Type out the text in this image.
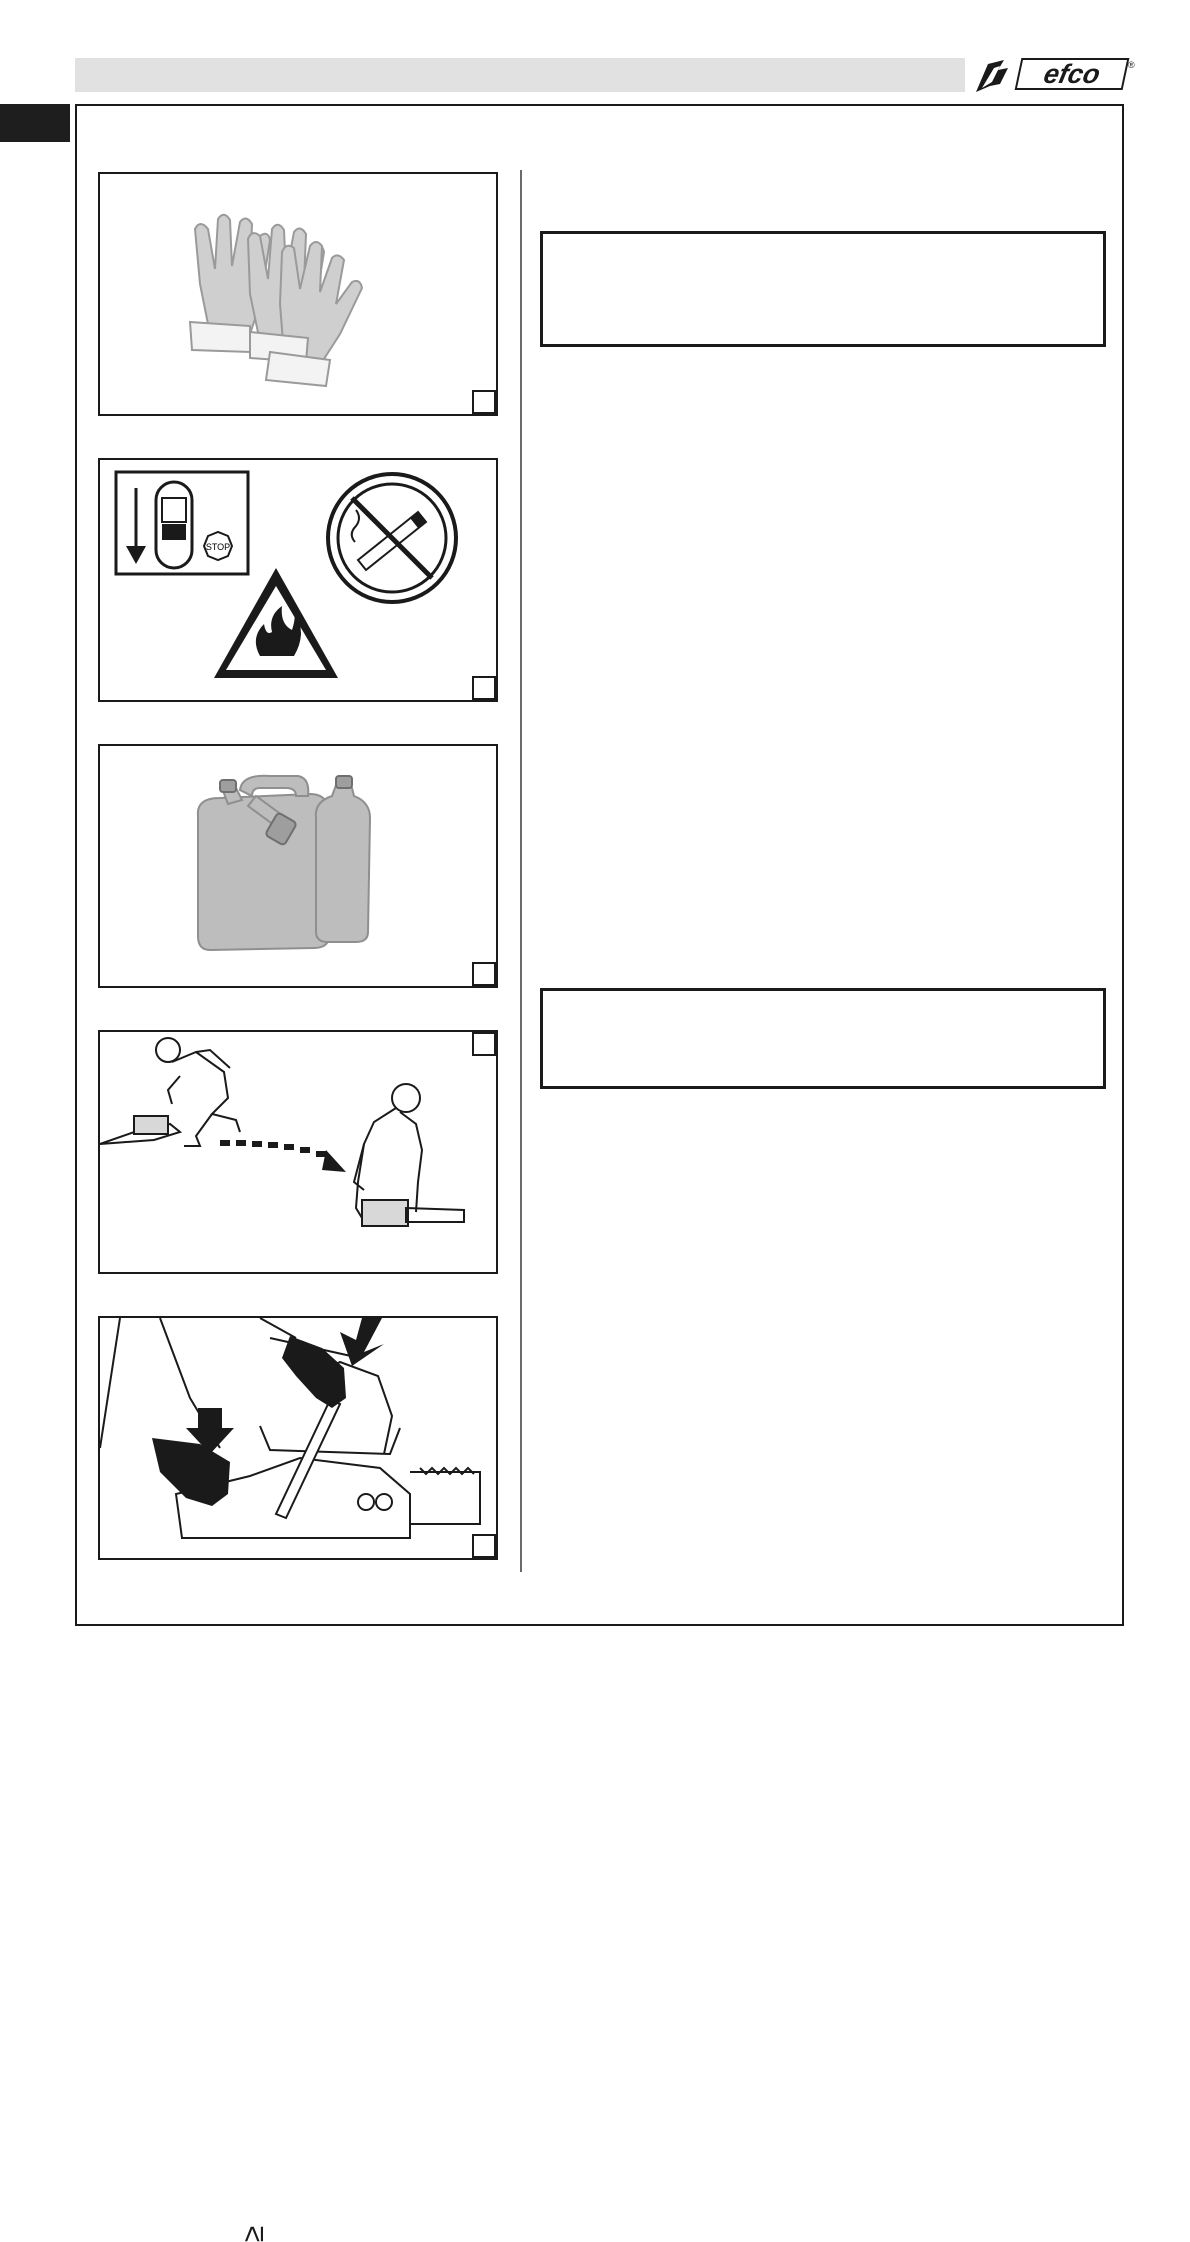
efco	®
STOP
≥
